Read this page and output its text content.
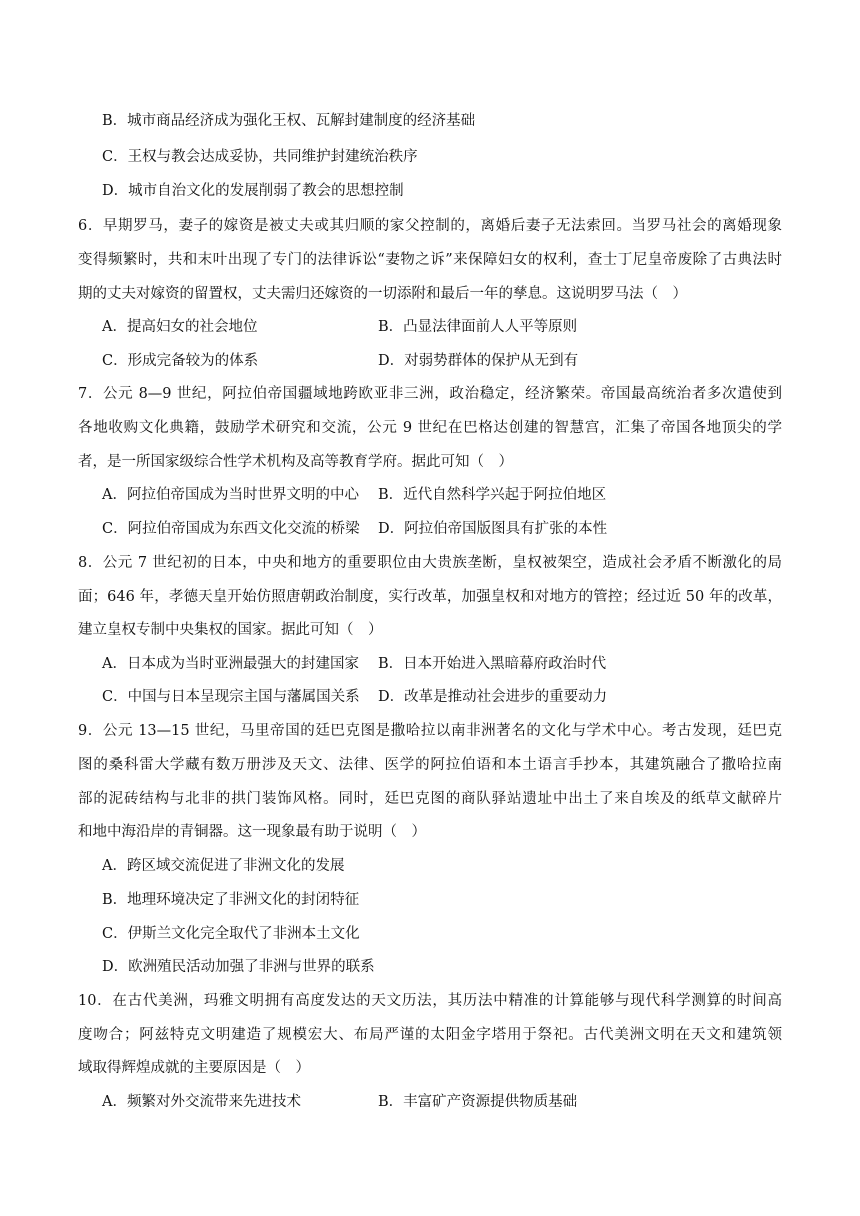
B．城市商品经济成为强化王权、瓦解封建制度的经济基础
C．王权与教会达成妥协，共同维护封建统治秩序
D．城市自治文化的发展削弱了教会的思想控制
6．早期罗马，妻子的嫁资是被丈夫或其归顺的家父控制的，离婚后妻子无法索回。当罗马社会的离婚现象
变得频繁时，共和末叶出现了专门的法律诉讼“妻物之诉”来保障妇女的权利，查士丁尼皇帝废除了古典法时
期的丈夫对嫁资的留置权，丈夫需归还嫁资的一切添附和最后一年的孳息。这说明罗马法（　）
A．提高妇女的社会地位	B．凸显法律面前人人平等原则
C．形成完备较为的体系	D．对弱势群体的保护从无到有
7．公元 8—9 世纪，阿拉伯帝国疆域地跨欧亚非三洲，政治稳定，经济繁荣。帝国最高统治者多次遣使到
各地收购文化典籍，鼓励学术研究和交流，公元 9 世纪在巴格达创建的智慧宫，汇集了帝国各地顶尖的学
者，是一所国家级综合性学术机构及高等教育学府。据此可知（　）
A．阿拉伯帝国成为当时世界文明的中心 B．近代自然科学兴起于阿拉伯地区
C．阿拉伯帝国成为东西文化交流的桥梁 D．阿拉伯帝国版图具有扩张的本性
8．公元 7 世纪初的日本，中央和地方的重要职位由大贵族垄断，皇权被架空，造成社会矛盾不断激化的局
面；646 年，孝德天皇开始仿照唐朝政治制度，实行改革，加强皇权和对地方的管控；经过近 50 年的改革，
建立皇权专制中央集权的国家。据此可知（　）
A．日本成为当时亚洲最强大的封建国家 B．日本开始进入黑暗幕府政治时代
C．中国与日本呈现宗主国与藩属国关系 D．改革是推动社会进步的重要动力
9．公元 13—15 世纪，马里帝国的廷巴克图是撒哈拉以南非洲著名的文化与学术中心。考古发现，廷巴克
图的桑科雷大学藏有数万册涉及天文、法律、医学的阿拉伯语和本土语言手抄本，其建筑融合了撒哈拉南
部的泥砖结构与北非的拱门装饰风格。同时，廷巴克图的商队驿站遗址中出土了来自埃及的纸草文献碎片
和地中海沿岸的青铜器。这一现象最有助于说明（　）
A．跨区域交流促进了非洲文化的发展
B．地理环境决定了非洲文化的封闭特征
C．伊斯兰文化完全取代了非洲本土文化
D．欧洲殖民活动加强了非洲与世界的联系
10．在古代美洲，玛雅文明拥有高度发达的天文历法，其历法中精准的计算能够与现代科学测算的时间高
度吻合；阿兹特克文明建造了规模宏大、布局严谨的太阳金字塔用于祭祀。古代美洲文明在天文和建筑领
域取得辉煌成就的主要原因是（　）
A．频繁对外交流带来先进技术	B．丰富矿产资源提供物质基础
